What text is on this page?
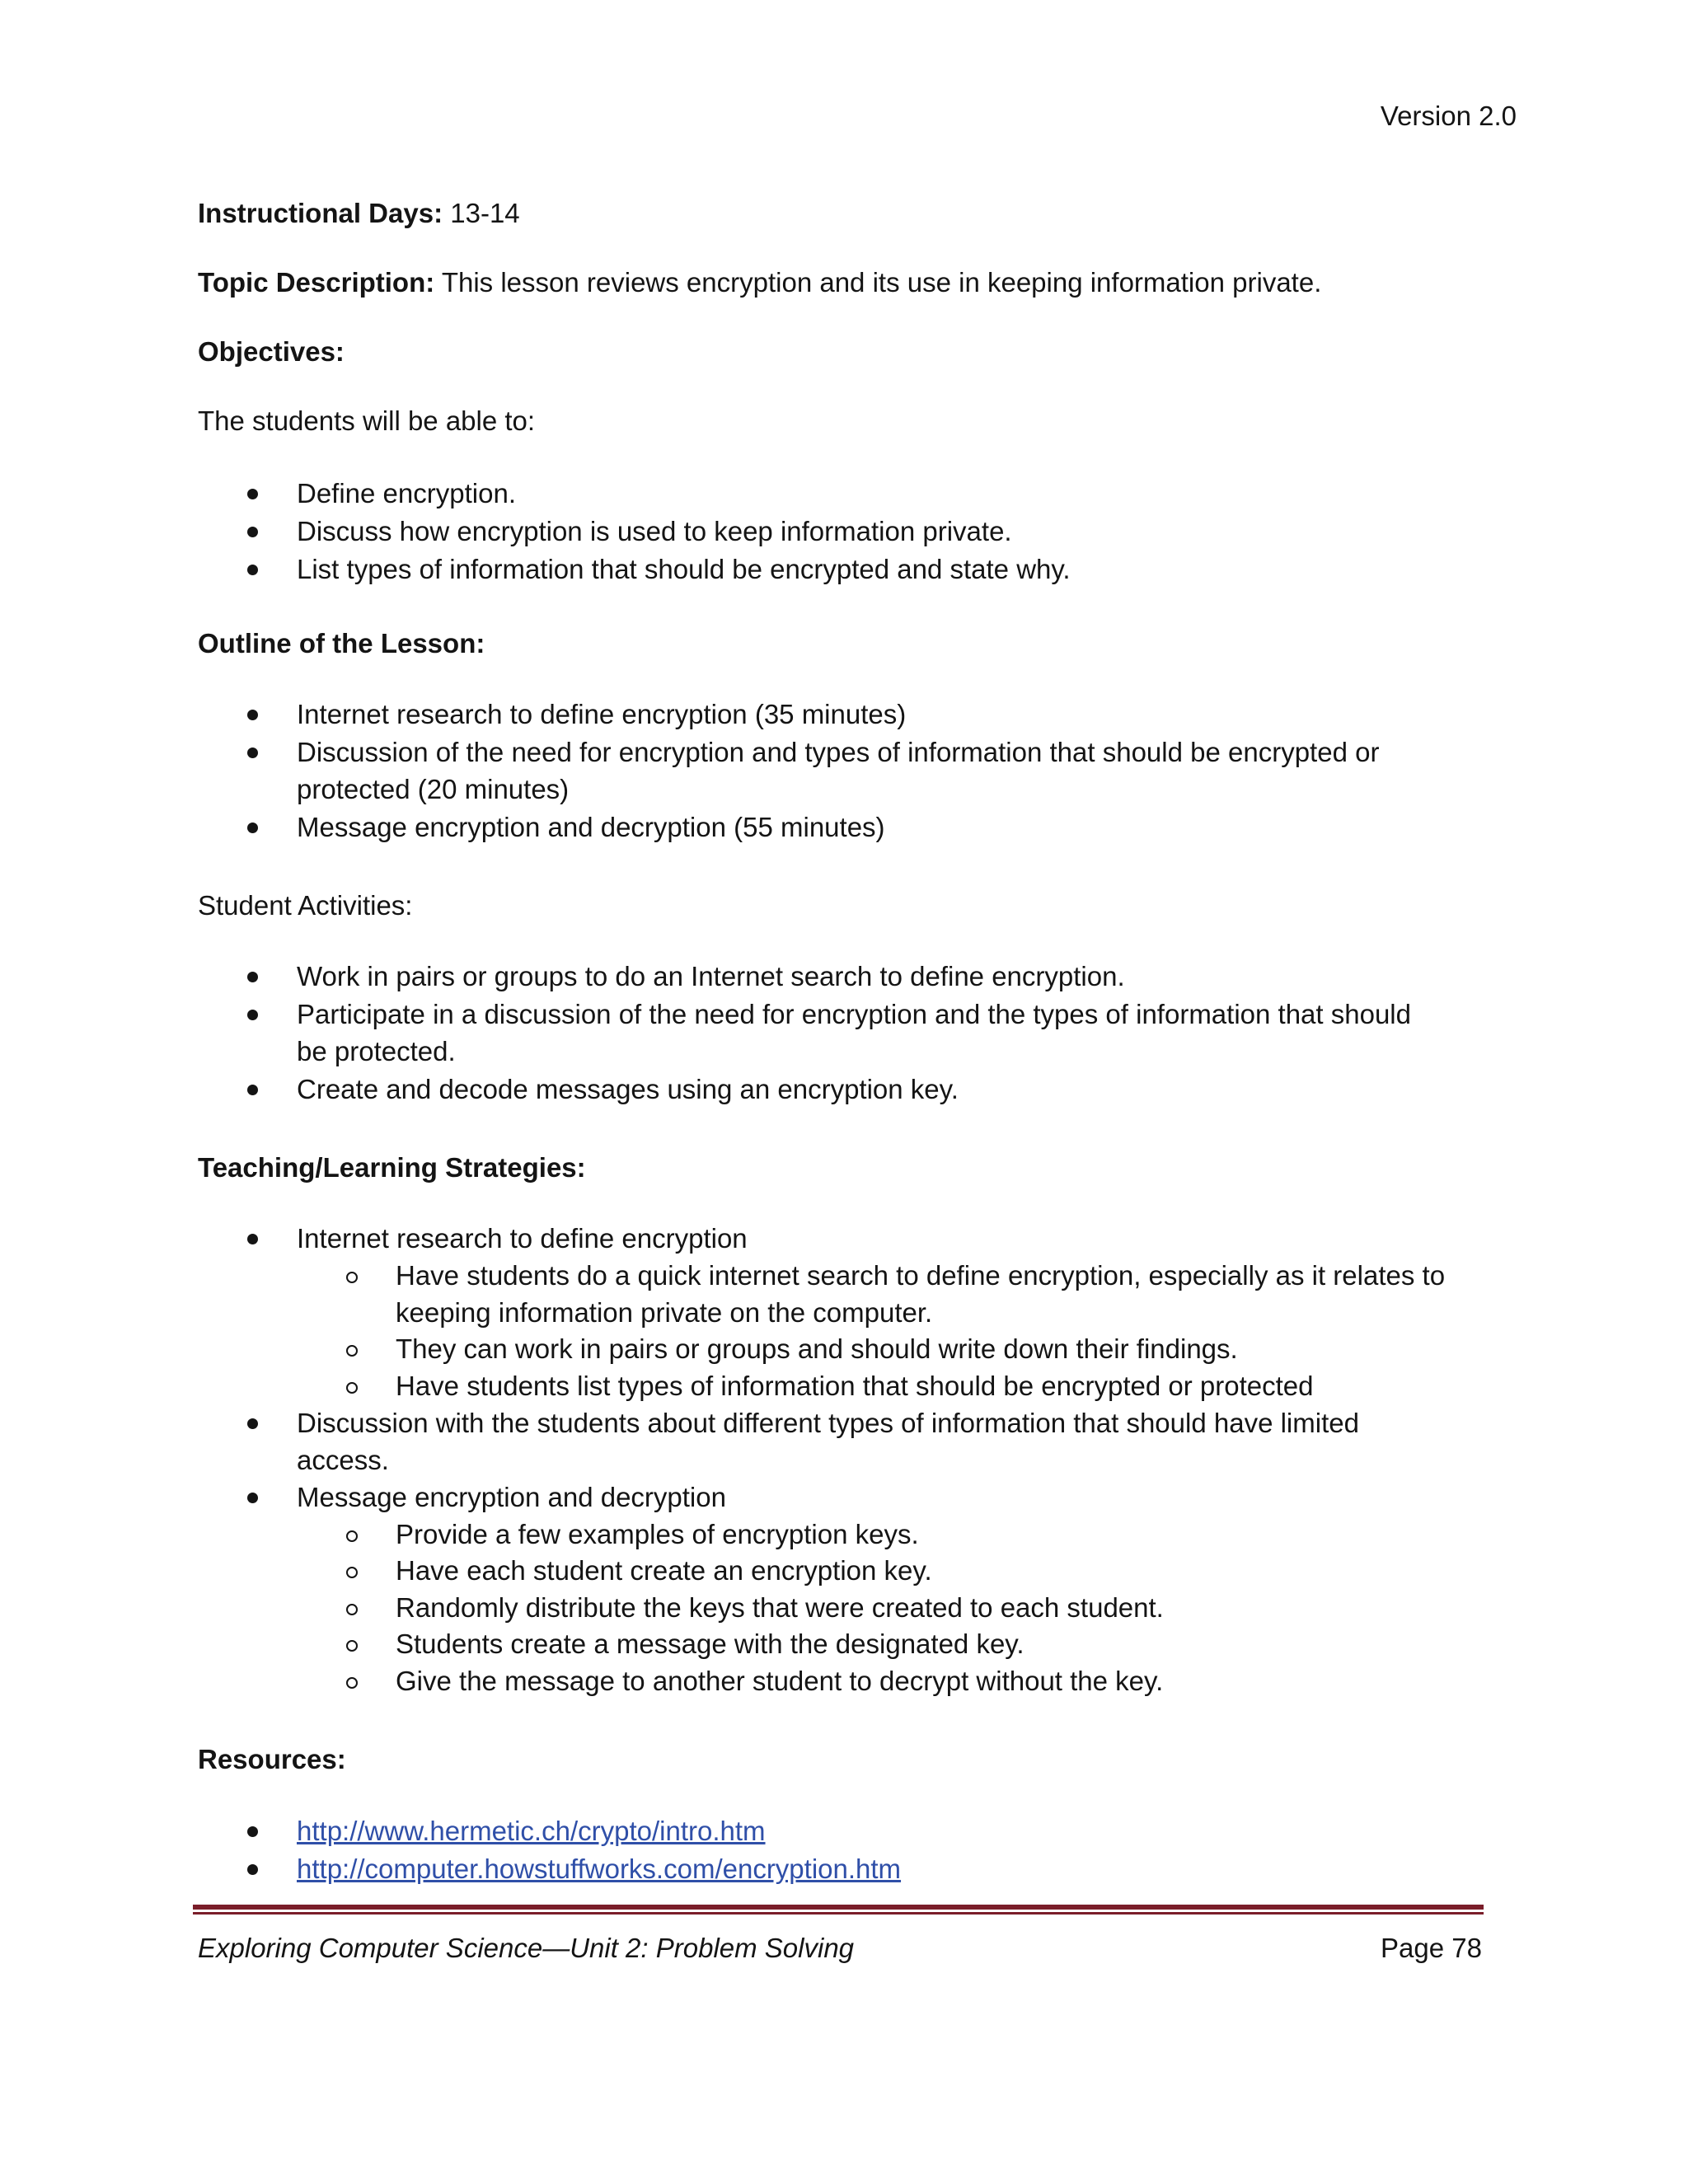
Version 2.0
Instructional Days: 13-14
Topic Description: This lesson reviews encryption and its use in keeping information private.
Objectives:
The students will be able to:
Define encryption.
Discuss how encryption is used to keep information private.
List types of information that should be encrypted and state why.
Outline of the Lesson:
Internet research to define encryption (35 minutes)
Discussion of the need for encryption and types of information that should be encrypted or
protected (20 minutes)
Message encryption and decryption (55 minutes)
Student Activities:
Work in pairs or groups to do an Internet search to define encryption.
Participate in a discussion of the need for encryption and the types of information that should
be protected.
Create and decode messages using an encryption key.
Teaching/Learning Strategies:
Internet research to define encryption
Have students do a quick internet search to define encryption, especially as it relates to
keeping information private on the computer.
They can work in pairs or groups and should write down their findings.
Have students list types of information that should be encrypted or protected
Discussion with the students about different types of information that should have limited
access.
Message encryption and decryption
Provide a few examples of encryption keys.
Have each student create an encryption key.
Randomly distribute the keys that were created to each student.
Students create a message with the designated key.
Give the message to another student to decrypt without the key.
Resources:
http://www.hermetic.ch/crypto/intro.htm
http://computer.howstuffworks.com/encryption.htm
Exploring Computer Science—Unit 2: Problem Solving	Page 78
